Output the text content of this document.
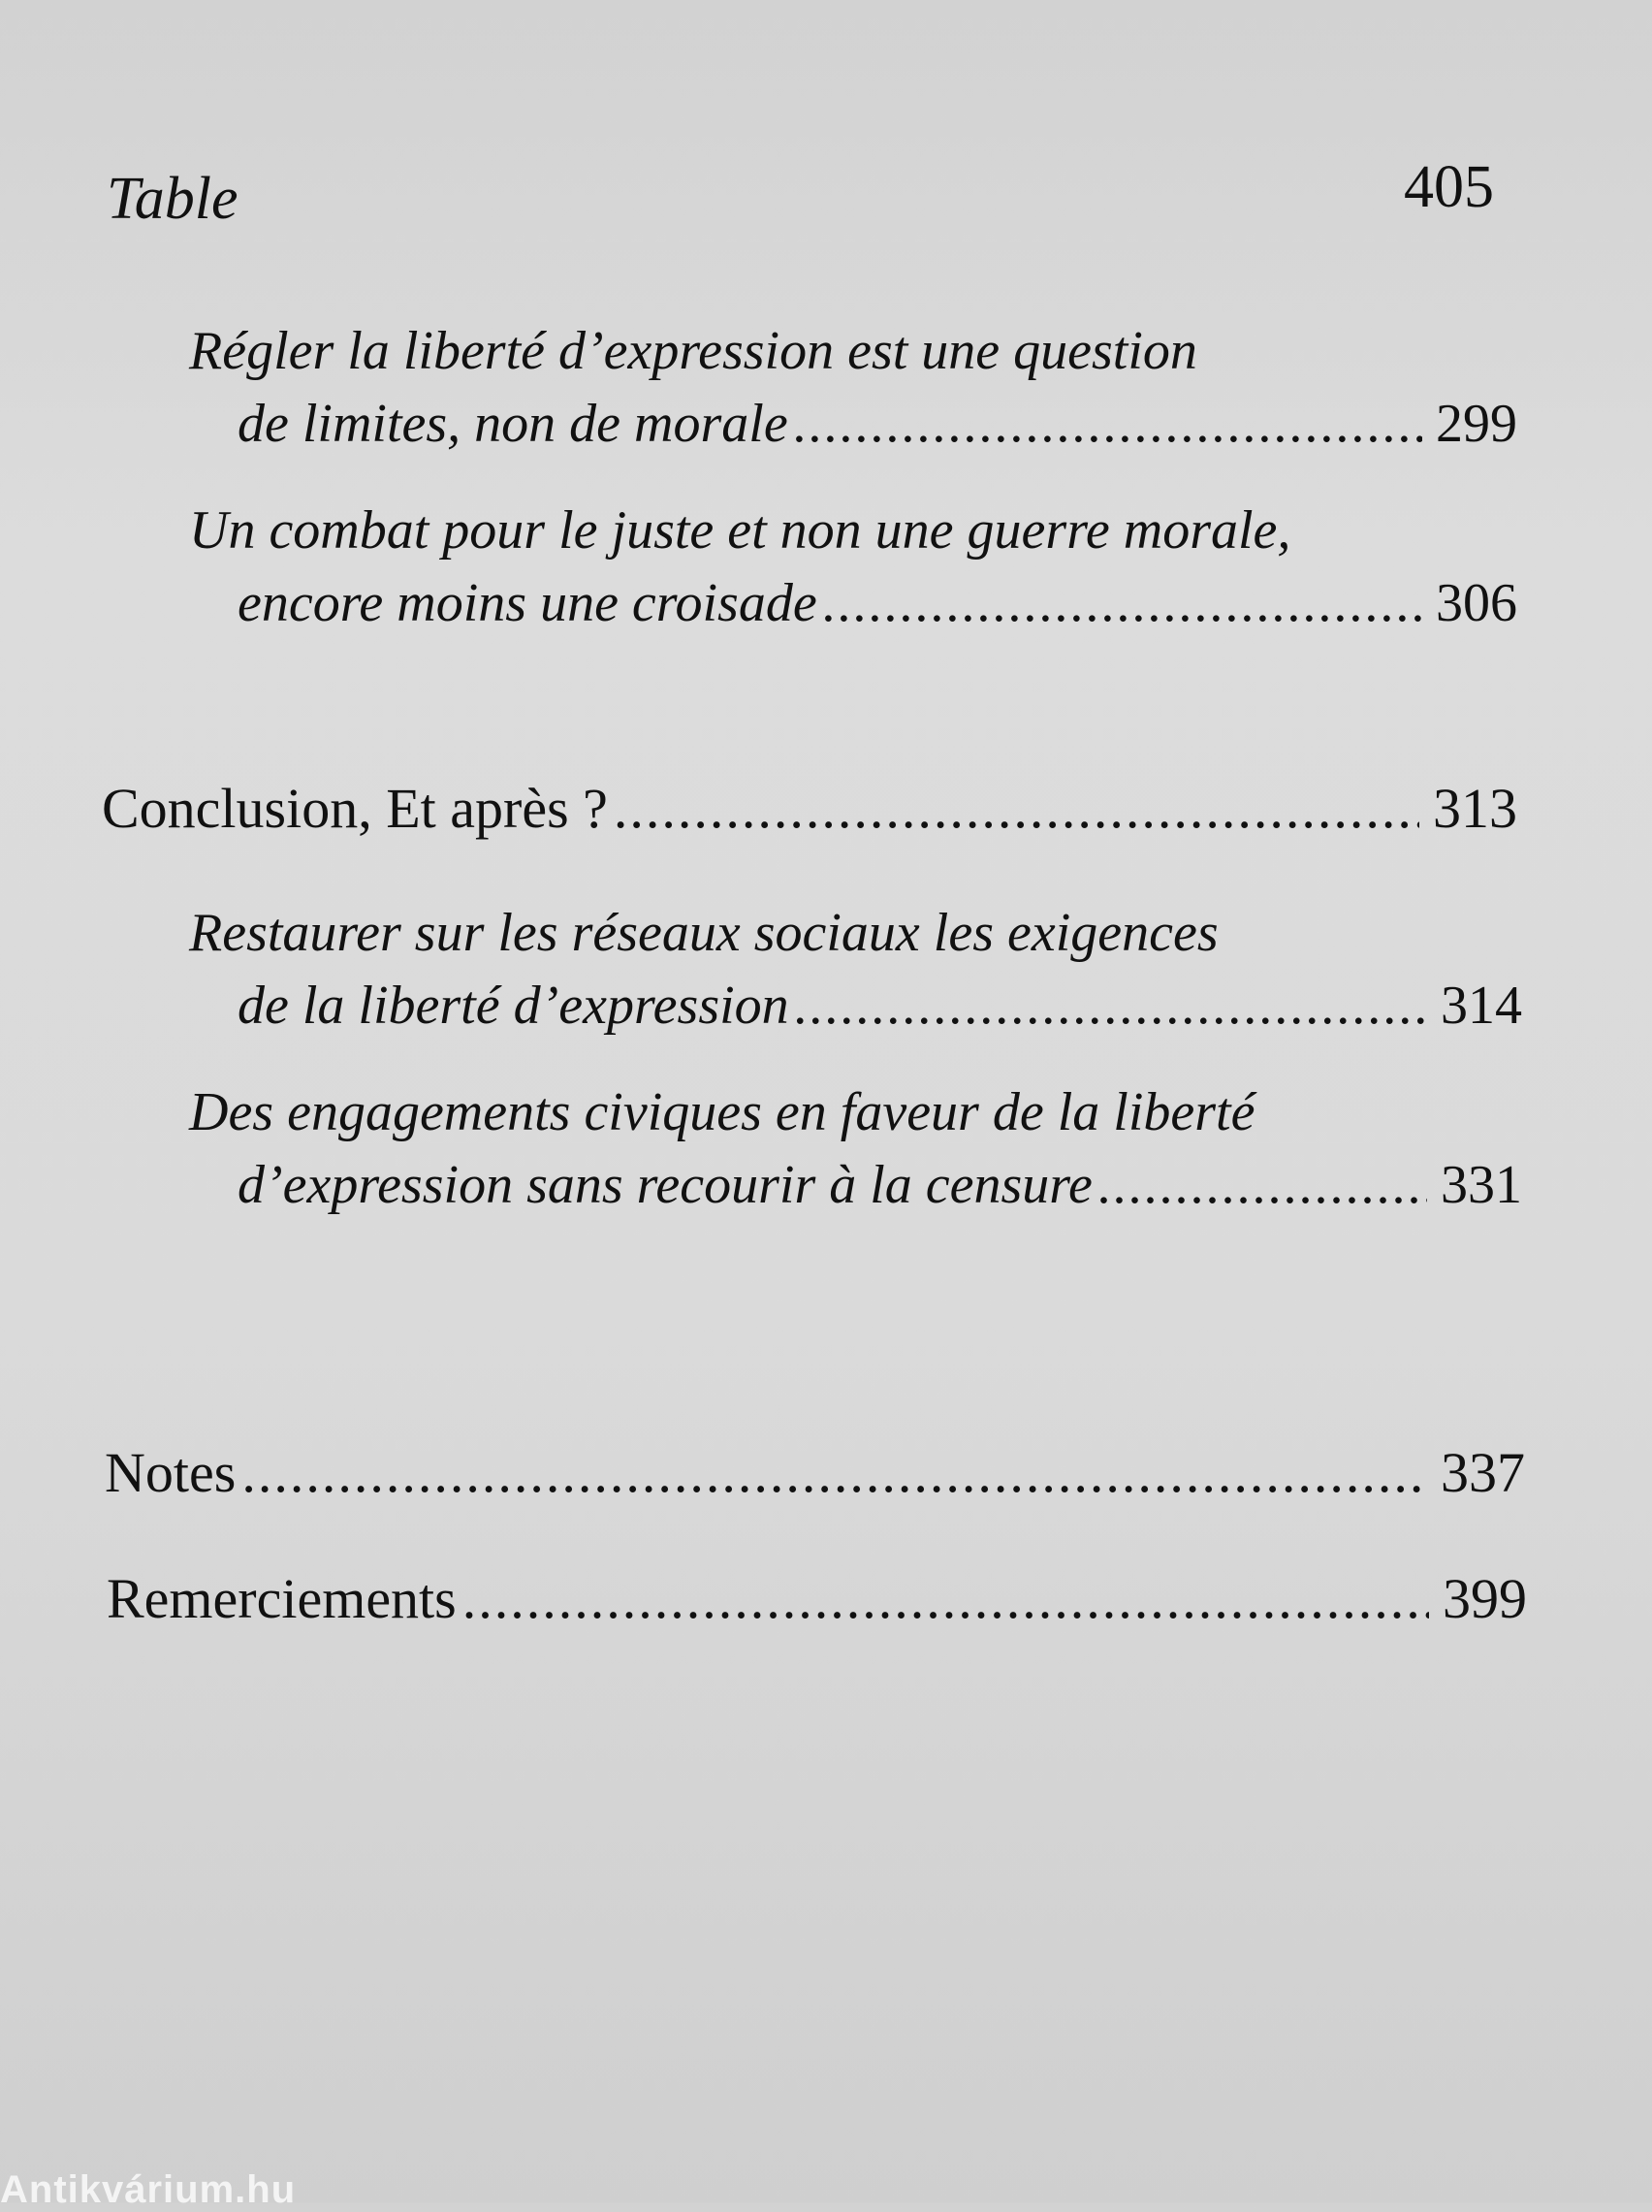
Table	405
Régler la liberté d’expression est une question
de limites, non de morale .....	299
Un combat pour le juste et non une guerre morale,
encore moins une croisade .....	306
Conclusion, Et après ? .....	313
Restaurer sur les réseaux sociaux les exigences
de la liberté d’expression .....	314
Des engagements civiques en faveur de la liberté
d’expression sans recourir à la censure .....	331
Notes .....	337
Remerciements .....	399
Antikvárium.hu
